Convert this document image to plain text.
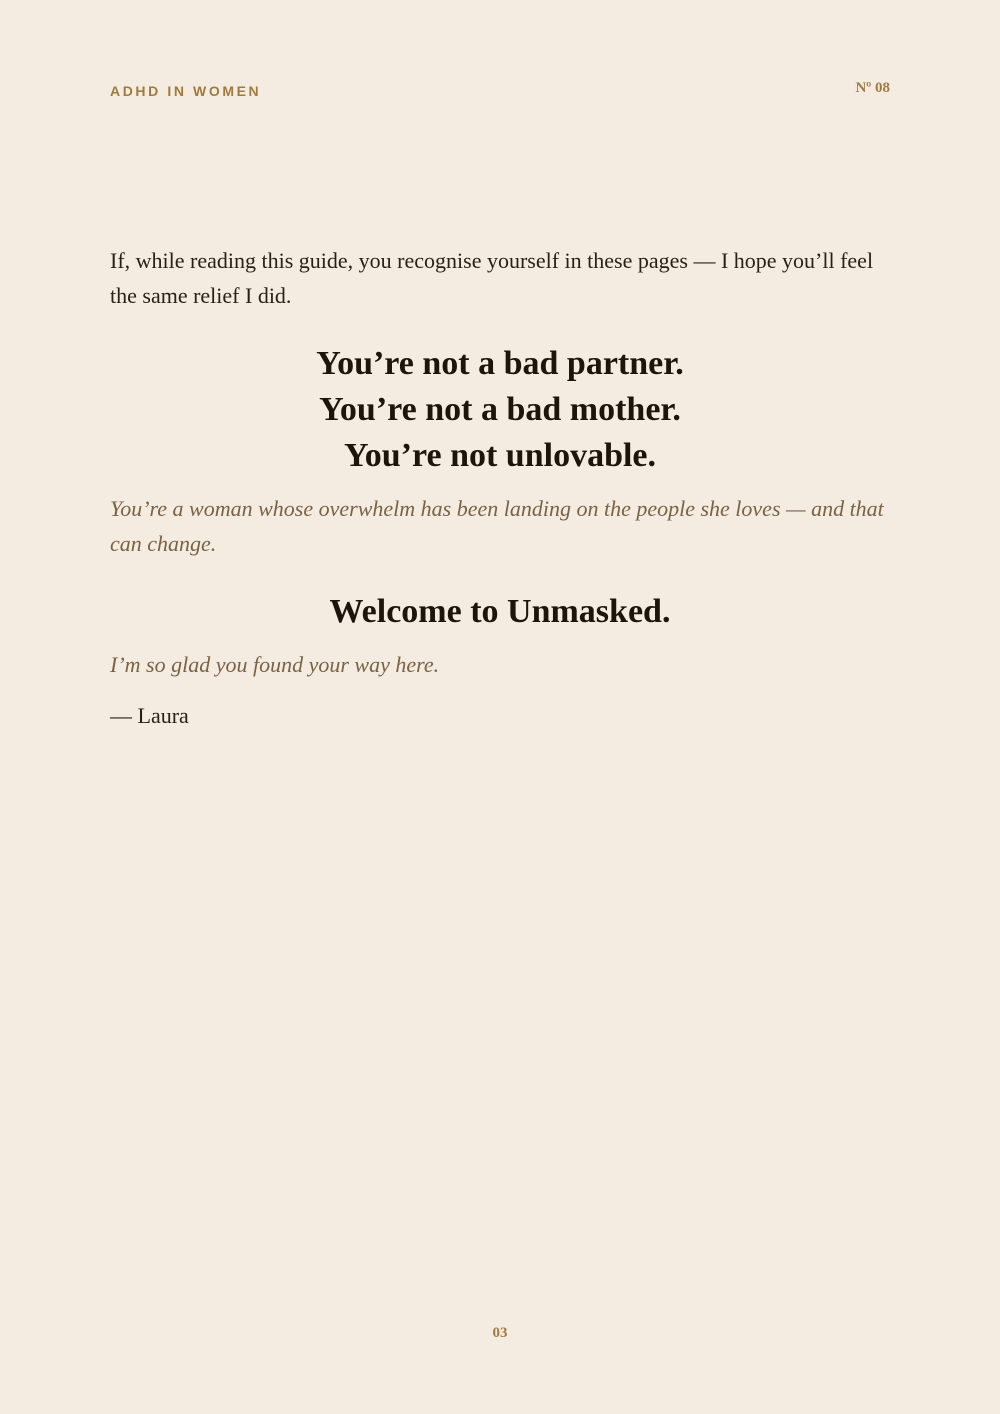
ADHD IN WOMEN	Nº 08

If, while reading this guide, you recognise yourself in these pages — I hope you’ll feel the same relief I did.

You’re not a bad partner.

You’re not a bad mother.

You’re not unlovable.

You’re a woman whose overwhelm has been landing on the people she loves — and that can change.

Welcome to Unmasked.

I’m so glad you found your way here.

— Laura

03
